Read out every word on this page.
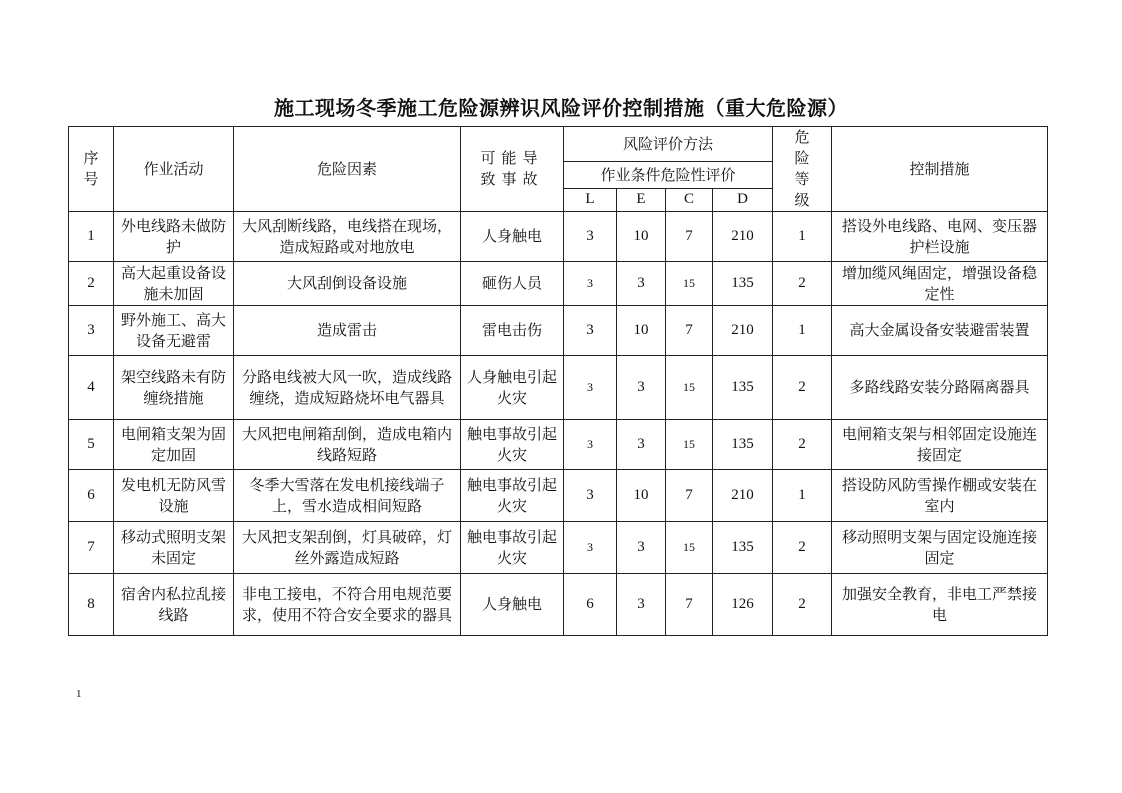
施工现场冬季施工危险源辨识风险评价控制措施（重大危险源）
序号	作业活动	危险因素	可能导致事故	风险评价方法				危险等级	控制措施
				作业条件危险性评价					
				L	E	C	D		
1	外电线路未做防护	大风刮断线路，电线搭在现场，造成短路或对地放电	人身触电	3	10	7	210	1	搭设外电线路、电网、变压器护栏设施
2	高大起重设备设施未加固	大风刮倒设备设施	砸伤人员	3	3	15	135	2	增加缆风绳固定，增强设备稳定性
3	野外施工、高大设备无避雷	造成雷击	雷电击伤	3	10	7	210	1	高大金属设备安装避雷装置
4	架空线路未有防缠绕措施	分路电线被大风一吹，造成线路缠绕，造成短路烧坏电气器具	人身触电引起火灾	3	3	15	135	2	多路线路安装分路隔离器具
5	电闸箱支架为固定加固	大风把电闸箱刮倒，造成电箱内线路短路	触电事故引起火灾	3	3	15	135	2	电闸箱支架与相邻固定设施连接固定
6	发电机无防风雪设施	冬季大雪落在发电机接线端子上，雪水造成相间短路	触电事故引起火灾	3	10	7	210	1	搭设防风防雪操作棚或安装在室内
7	移动式照明支架未固定	大风把支架刮倒，灯具破碎，灯丝外露造成短路	触电事故引起火灾	3	3	15	135	2	移动照明支架与固定设施连接固定
8	宿舍内私拉乱接线路	非电工接电，不符合用电规范要求，使用不符合安全要求的器具	人身触电	6	3	7	126	2	加强安全教育，非电工严禁接电
1
